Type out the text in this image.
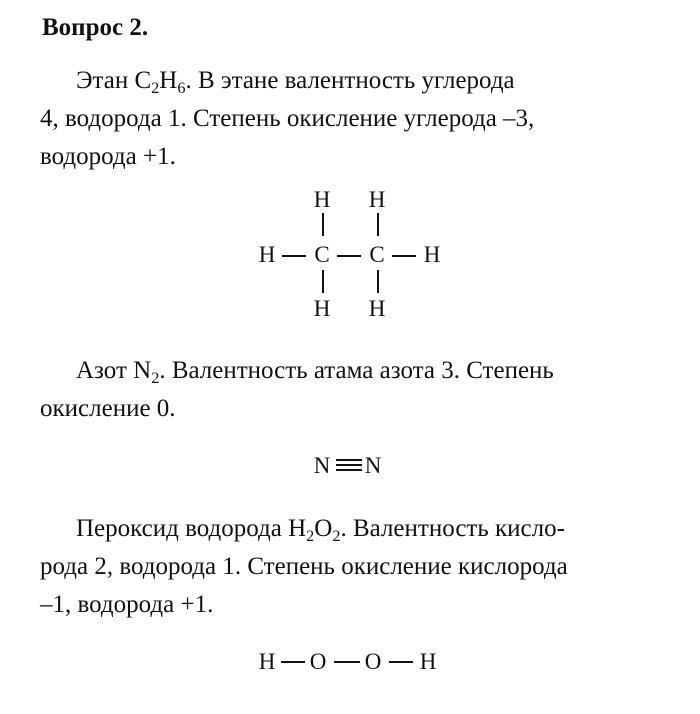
Вопрос 2.
Этан $C_2H_6$. В этане валентность углерода
4, водорода 1. Степень окисление углерода –3,
водорода +1.
H H
H C C H
H H
Азот $N_2$. Валентность атама азота 3. Степень
окисление 0.
N N
Пероксид водорода $H_2O_2$. Валентность кисло-
рода 2, водорода 1. Степень окисление кислорода
–1, водорода +1.
H O O H
